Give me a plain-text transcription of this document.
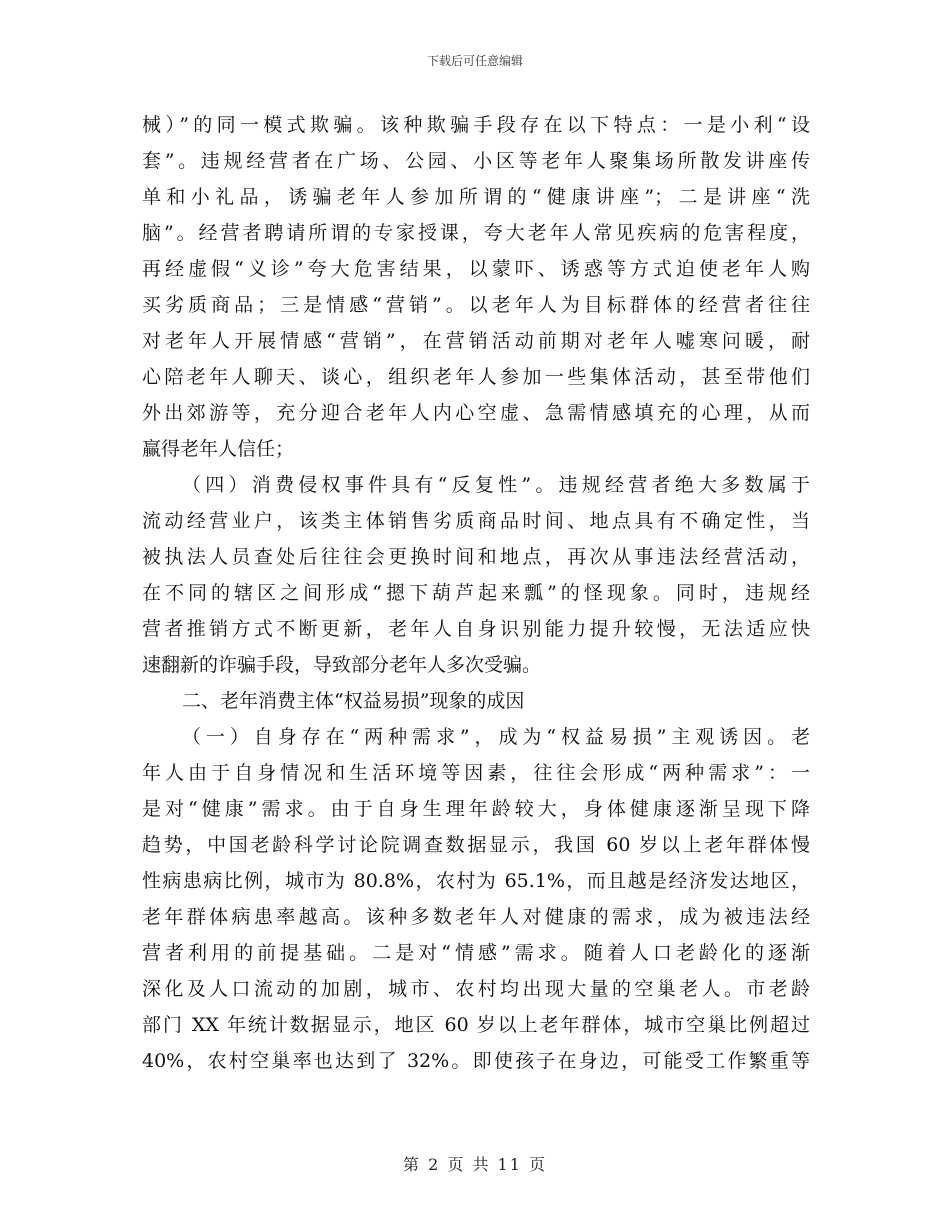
下载后可任意编辑
械）”的同一模式欺骗。该种欺骗手段存在以下特点：一是小利“设
套”。违规经营者在广场、公园、小区等老年人聚集场所散发讲座传
单和小礼品，诱骗老年人参加所谓的“健康讲座”；二是讲座“洗
脑”。经营者聘请所谓的专家授课，夸大老年人常见疾病的危害程度，
再经虚假“义诊”夸大危害结果，以蒙吓、诱惑等方式迫使老年人购
买劣质商品；三是情感“营销”。以老年人为目标群体的经营者往往
对老年人开展情感“营销”，在营销活动前期对老年人嘘寒问暖，耐
心陪老年人聊天、谈心，组织老年人参加一些集体活动，甚至带他们
外出郊游等，充分迎合老年人内心空虚、急需情感填充的心理，从而
赢得老年人信任；
（四）消费侵权事件具有“反复性”。违规经营者绝大多数属于
流动经营业户，该类主体销售劣质商品时间、地点具有不确定性，当
被执法人员查处后往往会更换时间和地点，再次从事违法经营活动，
在不同的辖区之间形成“摁下葫芦起来瓢”的怪现象。同时，违规经
营者推销方式不断更新，老年人自身识别能力提升较慢，无法适应快
速翻新的诈骗手段，导致部分老年人多次受骗。
二、老年消费主体“权益易损”现象的成因
（一）自身存在“两种需求”，成为“权益易损”主观诱因。老
年人由于自身情况和生活环境等因素，往往会形成“两种需求”：一
是对“健康”需求。由于自身生理年龄较大，身体健康逐渐呈现下降
趋势，中国老龄科学讨论院调查数据显示，我国 60 岁以上老年群体慢
性病患病比例，城市为 80.8%，农村为 65.1%，而且越是经济发达地区，
老年群体病患率越高。该种多数老年人对健康的需求，成为被违法经
营者利用的前提基础。二是对“情感”需求。随着人口老龄化的逐渐
深化及人口流动的加剧，城市、农村均出现大量的空巢老人。市老龄
部门 XX 年统计数据显示，地区 60 岁以上老年群体，城市空巢比例超过
40%，农村空巢率也达到了 32%。即使孩子在身边，可能受工作繁重等
第 2 页 共 11 页
